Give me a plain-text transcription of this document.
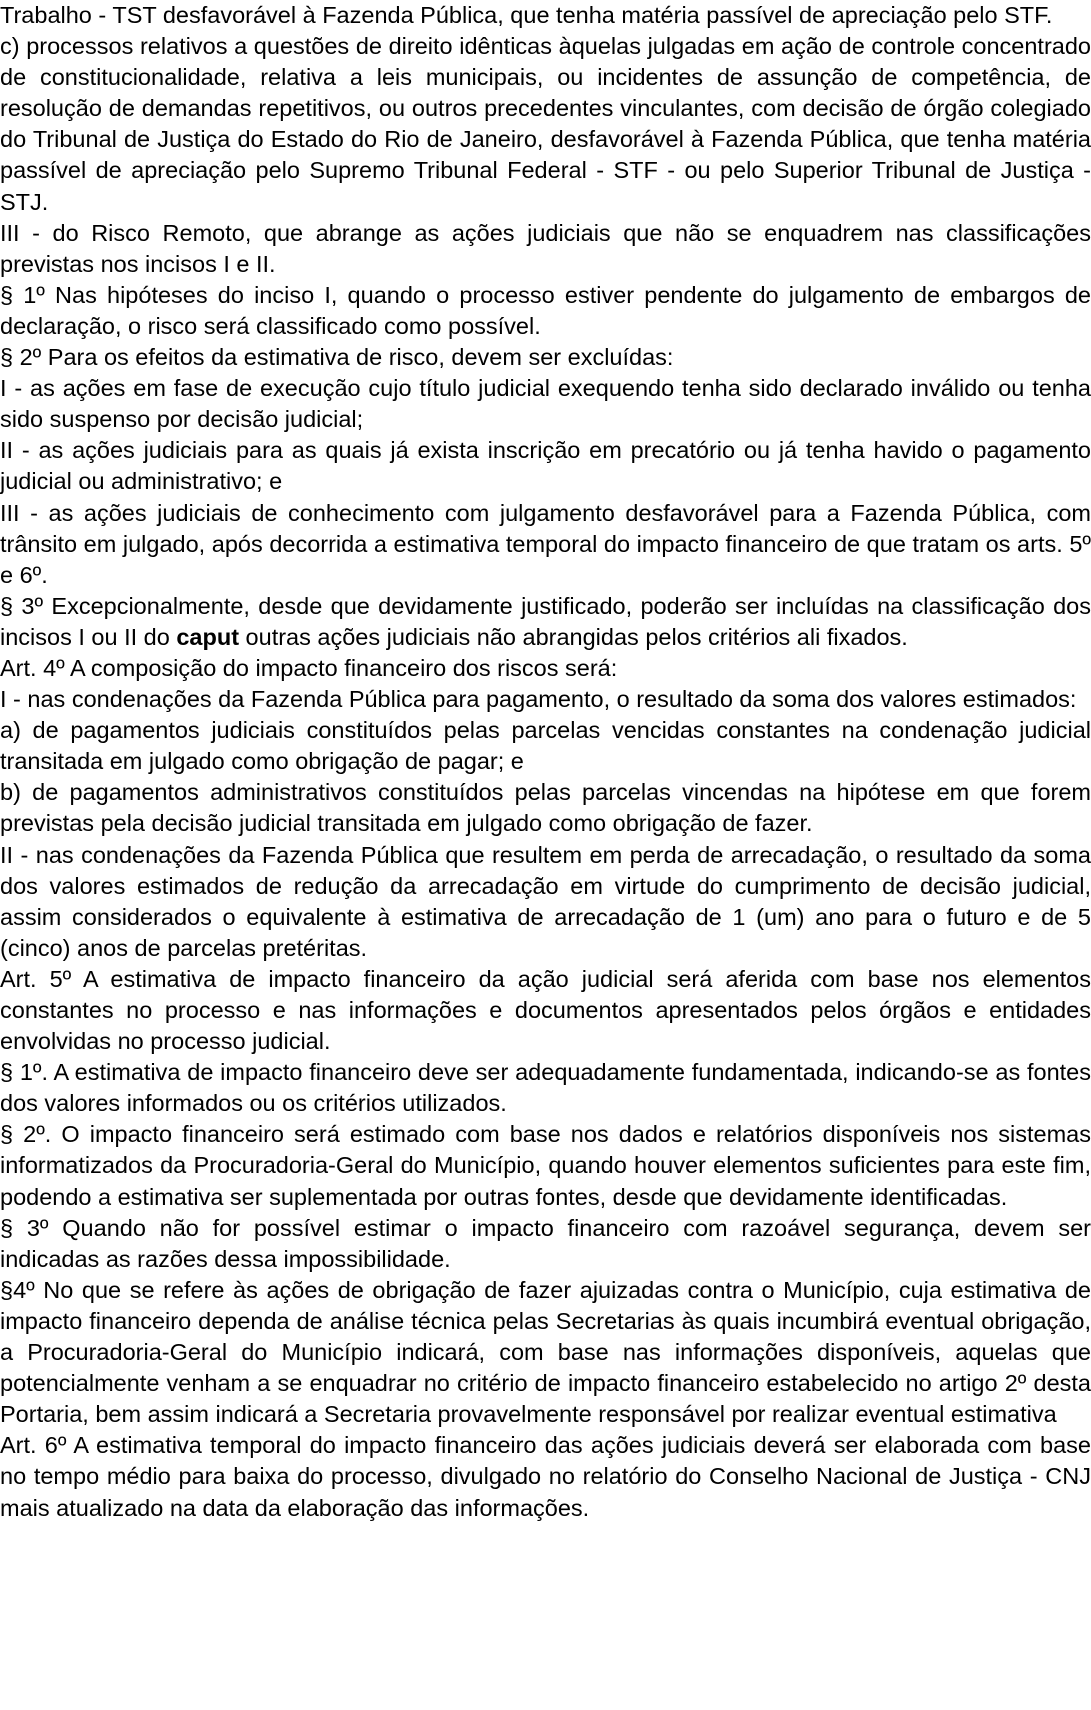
Trabalho - TST desfavorável à Fazenda Pública, que tenha matéria passível de apreciação pelo STF.

c) processos relativos a questões de direito idênticas àquelas julgadas em ação de controle concentrado de constitucionalidade, relativa a leis municipais, ou incidentes de assunção de competência, de resolução de demandas repetitivos, ou outros precedentes vinculantes, com decisão de órgão colegiado do Tribunal de Justiça do Estado do Rio de Janeiro, desfavorável à Fazenda Pública, que tenha matéria passível de apreciação pelo Supremo Tribunal Federal - STF - ou pelo Superior Tribunal de Justiça - STJ.

III - do Risco Remoto, que abrange as ações judiciais que não se enquadrem nas classificações previstas nos incisos I e II.

§ 1º Nas hipóteses do inciso I, quando o processo estiver pendente do julgamento de embargos de declaração, o risco será classificado como possível.

§ 2º Para os efeitos da estimativa de risco, devem ser excluídas:

I - as ações em fase de execução cujo título judicial exequendo tenha sido declarado inválido ou tenha sido suspenso por decisão judicial;

II - as ações judiciais para as quais já exista inscrição em precatório ou já tenha havido o pagamento judicial ou administrativo; e

III - as ações judiciais de conhecimento com julgamento desfavorável para a Fazenda Pública, com trânsito em julgado, após decorrida a estimativa temporal do impacto financeiro de que tratam os arts. 5º e 6º.

§ 3º Excepcionalmente, desde que devidamente justificado, poderão ser incluídas na classificação dos incisos I ou II do caput outras ações judiciais não abrangidas pelos critérios ali fixados.

Art. 4º A composição do impacto financeiro dos riscos será:

I - nas condenações da Fazenda Pública para pagamento, o resultado da soma dos valores estimados:

a) de pagamentos judiciais constituídos pelas parcelas vencidas constantes na condenação judicial transitada em julgado como obrigação de pagar; e

b) de pagamentos administrativos constituídos pelas parcelas vincendas na hipótese em que forem previstas pela decisão judicial transitada em julgado como obrigação de fazer.

II - nas condenações da Fazenda Pública que resultem em perda de arrecadação, o resultado da soma dos valores estimados de redução da arrecadação em virtude do cumprimento de decisão judicial, assim considerados o equivalente à estimativa de arrecadação de 1 (um) ano para o futuro e de 5 (cinco) anos de parcelas pretéritas.

Art. 5º A estimativa de impacto financeiro da ação judicial será aferida com base nos elementos constantes no processo e nas informações e documentos apresentados pelos órgãos e entidades envolvidas no processo judicial.

§ 1º. A estimativa de impacto financeiro deve ser adequadamente fundamentada, indicando-se as fontes dos valores informados ou os critérios utilizados.

§ 2º. O impacto financeiro será estimado com base nos dados e relatórios disponíveis nos sistemas informatizados da Procuradoria-Geral do Município, quando houver elementos suficientes para este fim, podendo a estimativa ser suplementada por outras fontes, desde que devidamente identificadas.

§ 3º Quando não for possível estimar o impacto financeiro com razoável segurança, devem ser indicadas as razões dessa impossibilidade.

§4º No que se refere às ações de obrigação de fazer ajuizadas contra o Município, cuja estimativa de impacto financeiro dependa de análise técnica pelas Secretarias às quais incumbirá eventual obrigação, a Procuradoria-Geral do Município indicará, com base nas informações disponíveis, aquelas que potencialmente venham a se enquadrar no critério de impacto financeiro estabelecido no artigo 2º desta Portaria, bem assim indicará a Secretaria provavelmente responsável por realizar eventual estimativa

Art. 6º A estimativa temporal do impacto financeiro das ações judiciais deverá ser elaborada com base no tempo médio para baixa do processo, divulgado no relatório do Conselho Nacional de Justiça - CNJ mais atualizado na data da elaboração das informações.
